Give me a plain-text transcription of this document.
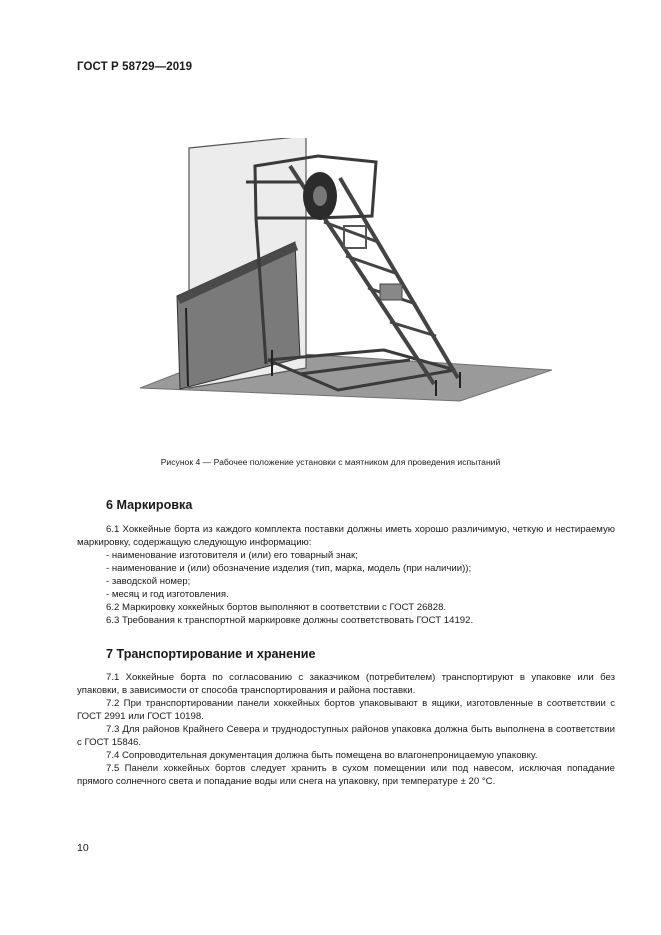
ГОСТ Р 58729—2019
Рисунок 4 — Рабочее положение установки с маятником для проведения испытаний
6 Маркировка
6.1 Хоккейные борта из каждого комплекта поставки должны иметь хорошо различимую, четкую и нестираемую маркировку, содержащую следующую информацию:
- наименование изготовителя и (или) его товарный знак;
- наименование и (или) обозначение изделия (тип, марка, модель (при наличии));
- заводской номер;
- месяц и год изготовления.
6.2 Маркировку хоккейных бортов выполняют в соответствии с ГОСТ 26828.
6.3 Требования к транспортной маркировке должны соответствовать ГОСТ 14192.
7 Транспортирование и хранение
7.1 Хоккейные борта по согласованию с заказчиком (потребителем) транспортируют в упаковке или без упаковки, в зависимости от способа транспортирования и района поставки.
7.2 При транспортировании панели хоккейных бортов упаковывают в ящики, изготовленные в соответствии с ГОСТ 2991 или ГОСТ 10198.
7.3 Для районов Крайнего Севера и труднодоступных районов упаковка должна быть выполнена в соответствии с ГОСТ 15846.
7.4 Сопроводительная документация должна быть помещена во влагонепроницаемую упаковку.
7.5 Панели хоккейных бортов следует хранить в сухом помещении или под навесом, исключая попадание прямого солнечного света и попадание воды или снега на упаковку, при температуре ± 20 °С.
10
